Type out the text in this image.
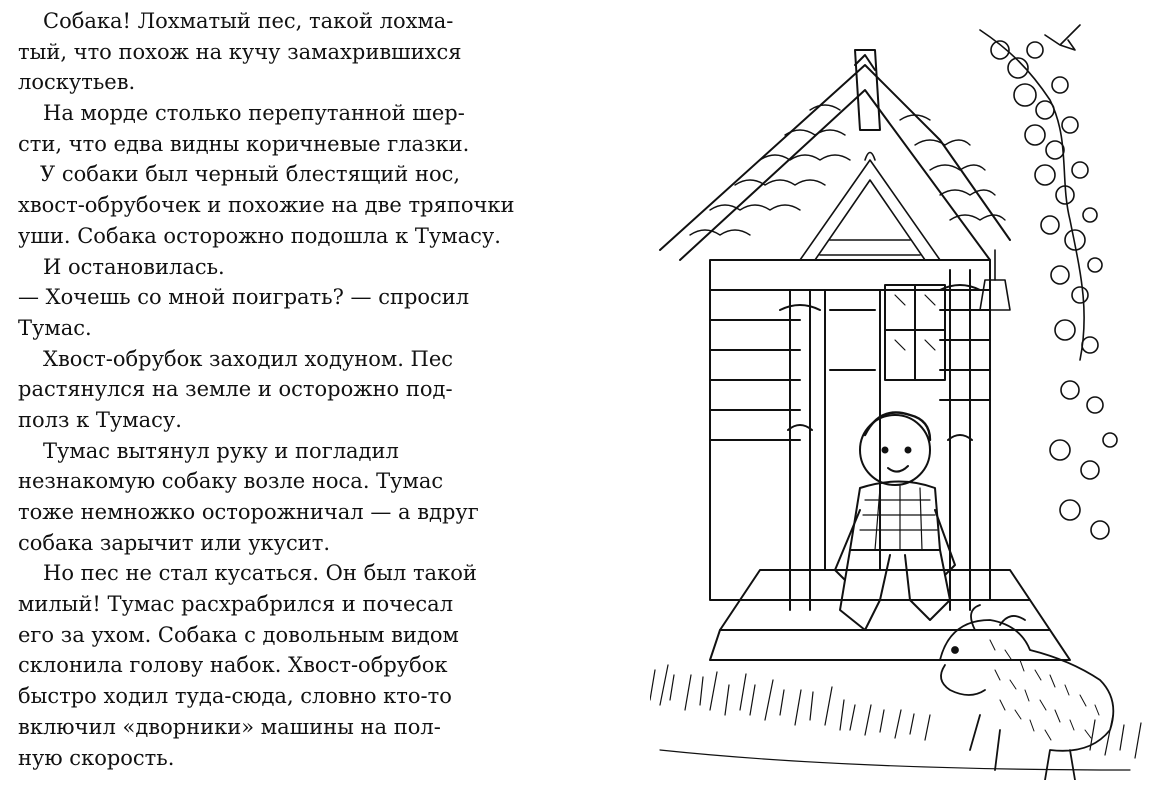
Собака! Лохматый пес, такой лохма-
тый, что похож на кучу замахрившихся
лоскутьев.
На морде столько перепутанной шер-
сти, что едва видны коричневые глазки.
У собаки был черный блестящий нос,
хвост-обрубочек и похожие на две тряпочки
уши. Собака осторожно подошла к Тумасу.
И остановилась.
— Хочешь со мной поиграть? — спросил
Тумас.
Хвост-обрубок заходил ходуном. Пес
растянулся на земле и осторожно под-
полз к Тумасу.
Тумас вытянул руку и погладил
незнакомую собаку возле носа. Тумас
тоже немножко осторожничал — а вдруг
собака зарычит или укусит.
Но пес не стал кусаться. Он был такой
милый! Тумас расхрабрился и почесал
его за ухом. Собака с довольным видом
склонила голову набок. Хвост-обрубок
быстро ходил туда-сюда, словно кто-то
включил «дворники» машины на пол-
ную скорость.
